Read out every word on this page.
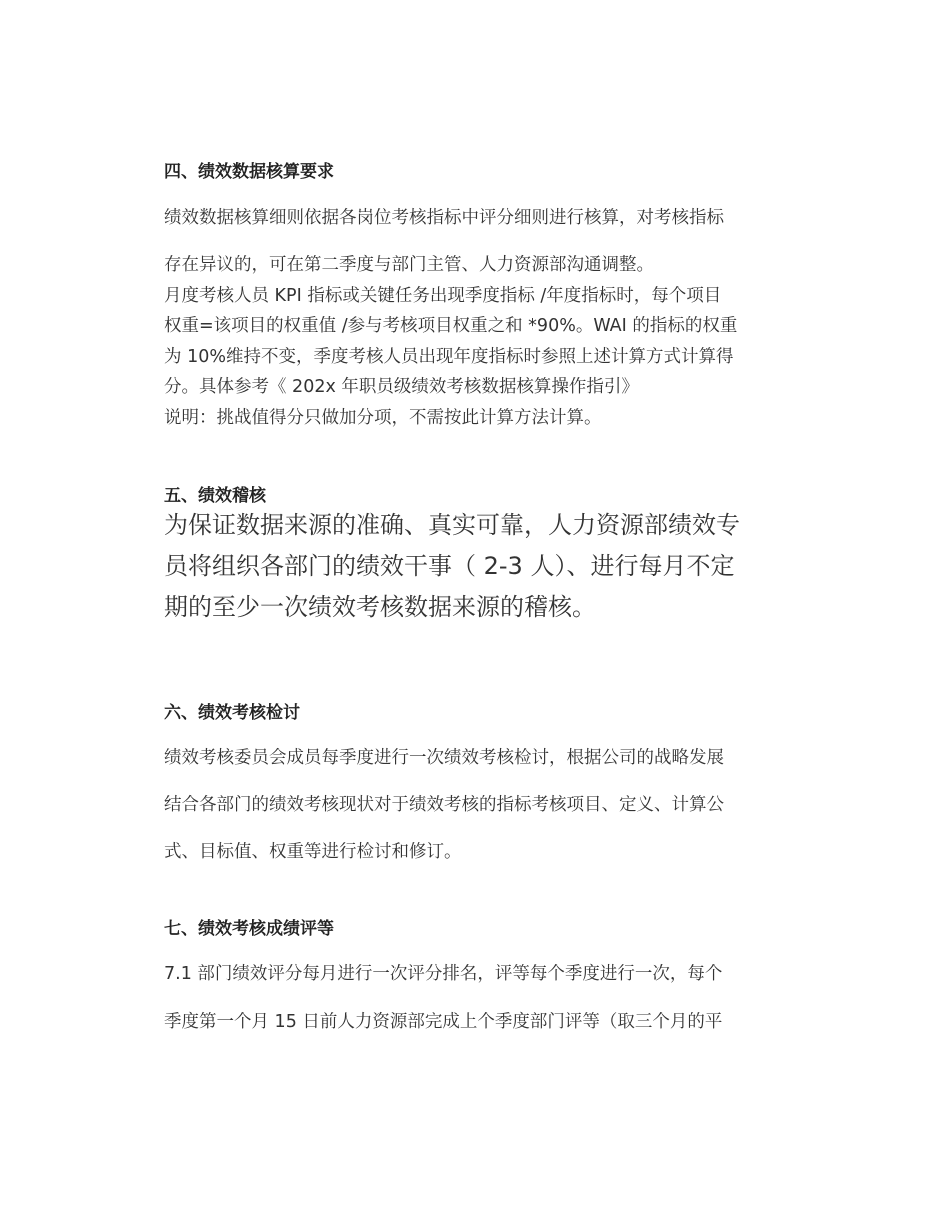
四、绩效数据核算要求
绩效数据核算细则依据各岗位考核指标中评分细则进行核算，对考核指标
存在异议的，可在第二季度与部门主管、人力资源部沟通调整。
月度考核人员 KPI 指标或关键任务出现季度指标 /年度指标时，每个项目
权重=该项目的权重值 /参与考核项目权重之和 *90%。WAI 的指标的权重
为 10%维持不变，季度考核人员出现年度指标时参照上述计算方式计算得
分。具体参考《 202x 年职员级绩效考核数据核算操作指引》
说明：挑战值得分只做加分项，不需按此计算方法计算。
五、绩效稽核
为保证数据来源的准确、真实可靠，人力资源部绩效专
员将组织各部门的绩效干事（ 2-3 人）、进行每月不定
期的至少一次绩效考核数据来源的稽核。
六、绩效考核检讨
绩效考核委员会成员每季度进行一次绩效考核检讨，根据公司的战略发展
结合各部门的绩效考核现状对于绩效考核的指标考核项目、定义、计算公
式、目标值、权重等进行检讨和修订。
七、绩效考核成绩评等
7.1 部门绩效评分每月进行一次评分排名，评等每个季度进行一次，每个
季度第一个月 15 日前人力资源部完成上个季度部门评等（取三个月的平
